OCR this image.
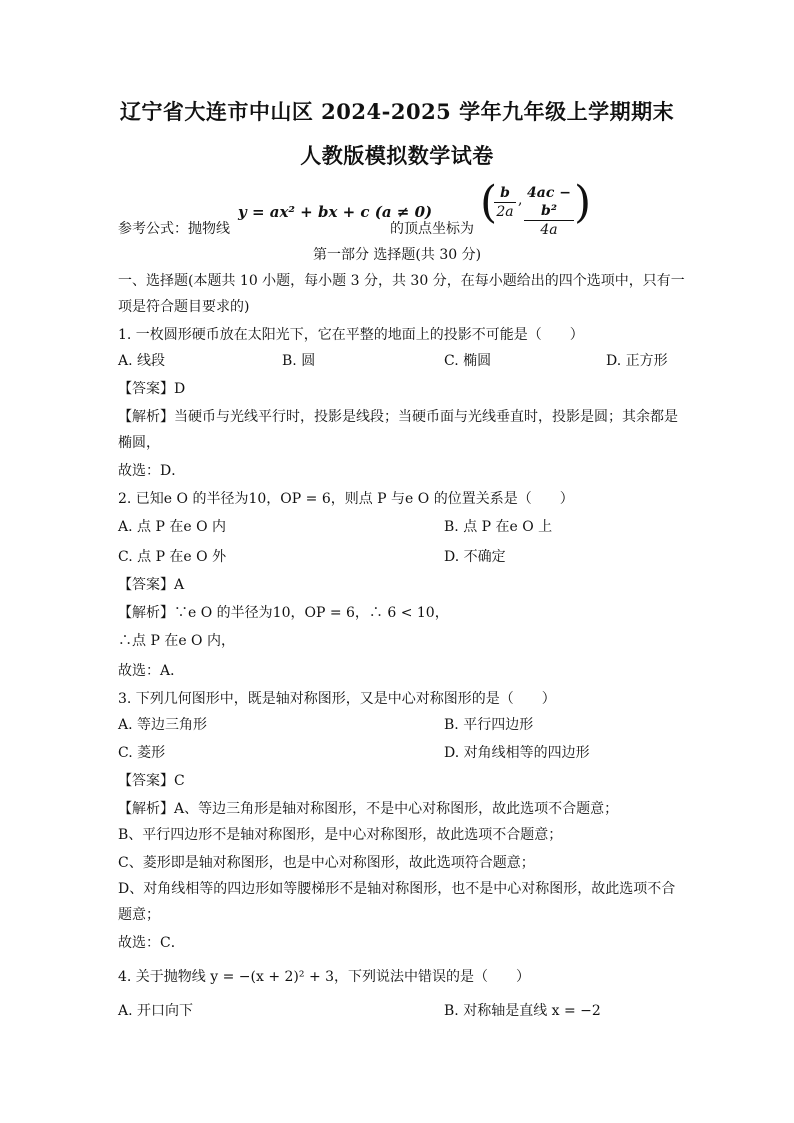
辽宁省大连市中山区 2024-2025 学年九年级上学期期末
人教版模拟数学试卷
参考公式：抛物线
y = ax² + bx + c (a ≠ 0)
的顶点坐标为
(
$\frac{b}{2a}$ , $\frac{\text{4ac − b²}}{4a}$ )
第一部分 选择题(共 30 分)
一、选择题(本题共 10 小题，每小题 3 分，共 30 分，在每小题给出的四个选项中，只有一
项是符合题目要求的)
1. 一枚圆形硬币放在太阳光下，它在平整的地面上的投影不可能是（　　）
A. 线段	B. 圆	C. 椭圆	D. 正方形
【答案】D
【解析】当硬币与光线平行时，投影是线段；当硬币面与光线垂直时，投影是圆；其余都是
椭圆，
故选：D．
2. 已知e O 的半径为10，OP = 6，则点 P 与e O 的位置关系是（　　）
A. 点 P 在e O 内	B. 点 P 在e O 上
C. 点 P 在e O 外	D. 不确定
【答案】A
【解析】∵e O 的半径为10，OP = 6，∴ 6 < 10，
∴点 P 在e O 内，
故选：A．
3. 下列几何图形中，既是轴对称图形，又是中心对称图形的是（　　）
A. 等边三角形	B. 平行四边形
C. 菱形	D. 对角线相等的四边形
【答案】C
【解析】A、等边三角形是轴对称图形，不是中心对称图形，故此选项不合题意；
B、平行四边形不是轴对称图形，是中心对称图形，故此选项不合题意；
C、菱形即是轴对称图形，也是中心对称图形，故此选项符合题意；
D、对角线相等的四边形如等腰梯形不是轴对称图形，也不是中心对称图形，故此选项不合
题意；
故选：C．
4. 关于抛物线 y = −(x + 2)² + 3，下列说法中错误的是（　　）
A. 开口向下	B. 对称轴是直线 x = −2
